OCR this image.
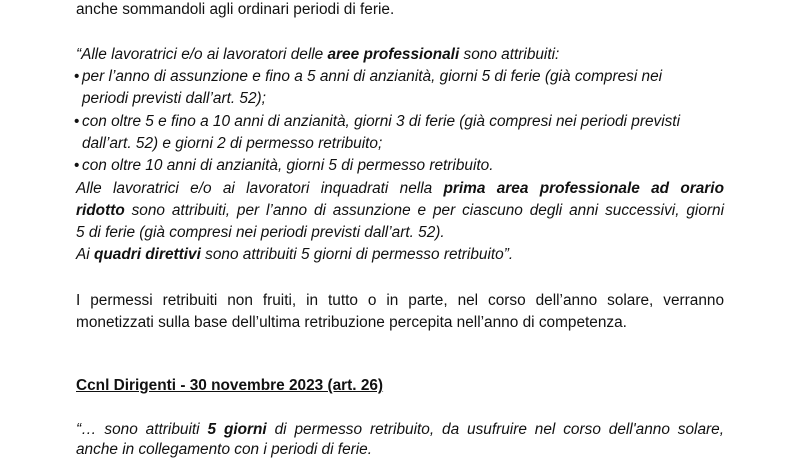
anche sommandoli agli ordinari periodi di ferie.
“Alle lavoratrici e/o ai lavoratori delle aree professionali sono attribuiti:
• per l’anno di assunzione e fino a 5 anni di anzianità, giorni 5 di ferie (già compresi nei
periodi previsti dall’art. 52);
• con oltre 5 e fino a 10 anni di anzianità, giorni 3 di ferie (già compresi nei periodi previsti
dall’art. 52) e giorni 2 di permesso retribuito;
• con oltre 10 anni di anzianità, giorni 5 di permesso retribuito.
Alle lavoratrici e/o ai lavoratori inquadrati nella prima area professionale ad orario
ridotto sono attribuiti, per l’anno di assunzione e per ciascuno degli anni successivi, giorni
5 di ferie (già compresi nei periodi previsti dall’art. 52).
Ai quadri direttivi sono attribuiti 5 giorni di permesso retribuito”.
I permessi retribuiti non fruiti, in tutto o in parte, nel corso dell’anno solare, verranno
monetizzati sulla base dell’ultima retribuzione percepita nell’anno di competenza.
Ccnl Dirigenti - 30 novembre 2023 (art. 26)
“… sono attribuiti 5 giorni di permesso retribuito, da usufruire nel corso dell'anno solare,
anche in collegamento con i periodi di ferie.
